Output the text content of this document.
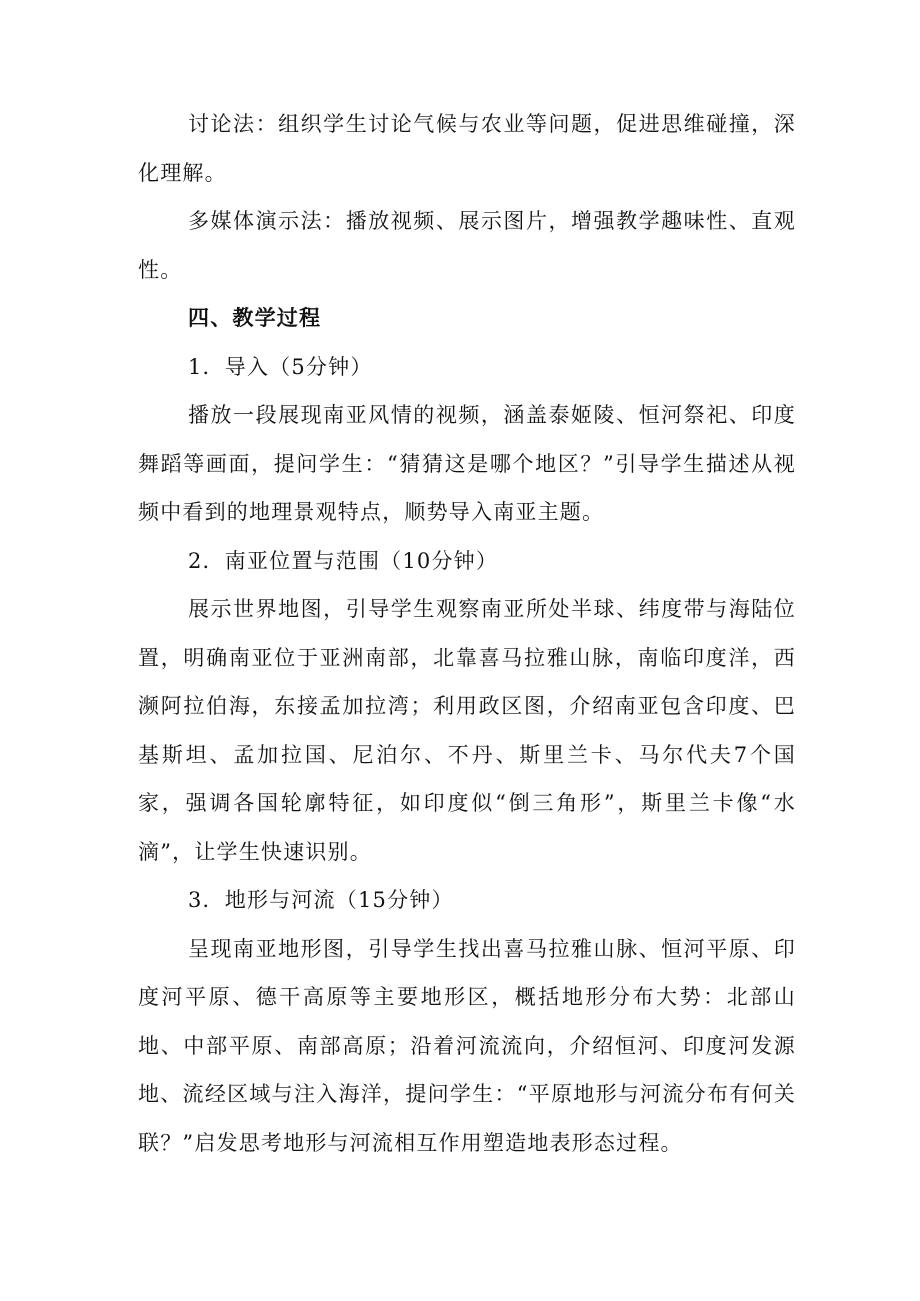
讨论法：组织学生讨论气候与农业等问题，促进思维碰撞，深化理解。

多媒体演示法：播放视频、展示图片，增强教学趣味性、直观性。

四、教学过程

1．导入（5分钟）

播放一段展现南亚风情的视频，涵盖泰姬陵、恒河祭祀、印度舞蹈等画面，提问学生：“猜猜这是哪个地区？”引导学生描述从视频中看到的地理景观特点，顺势导入南亚主题。

2．南亚位置与范围（10分钟）

展示世界地图，引导学生观察南亚所处半球、纬度带与海陆位置，明确南亚位于亚洲南部，北靠喜马拉雅山脉，南临印度洋，西濒阿拉伯海，东接孟加拉湾；利用政区图，介绍南亚包含印度、巴基斯坦、孟加拉国、尼泊尔、不丹、斯里兰卡、马尔代夫7个国家，强调各国轮廓特征，如印度似“倒三角形”，斯里兰卡像“水滴”，让学生快速识别。

3．地形与河流（15分钟）

呈现南亚地形图，引导学生找出喜马拉雅山脉、恒河平原、印度河平原、德干高原等主要地形区，概括地形分布大势：北部山地、中部平原、南部高原；沿着河流流向，介绍恒河、印度河发源地、流经区域与注入海洋，提问学生：“平原地形与河流分布有何关联？”启发思考地形与河流相互作用塑造地表形态过程。
